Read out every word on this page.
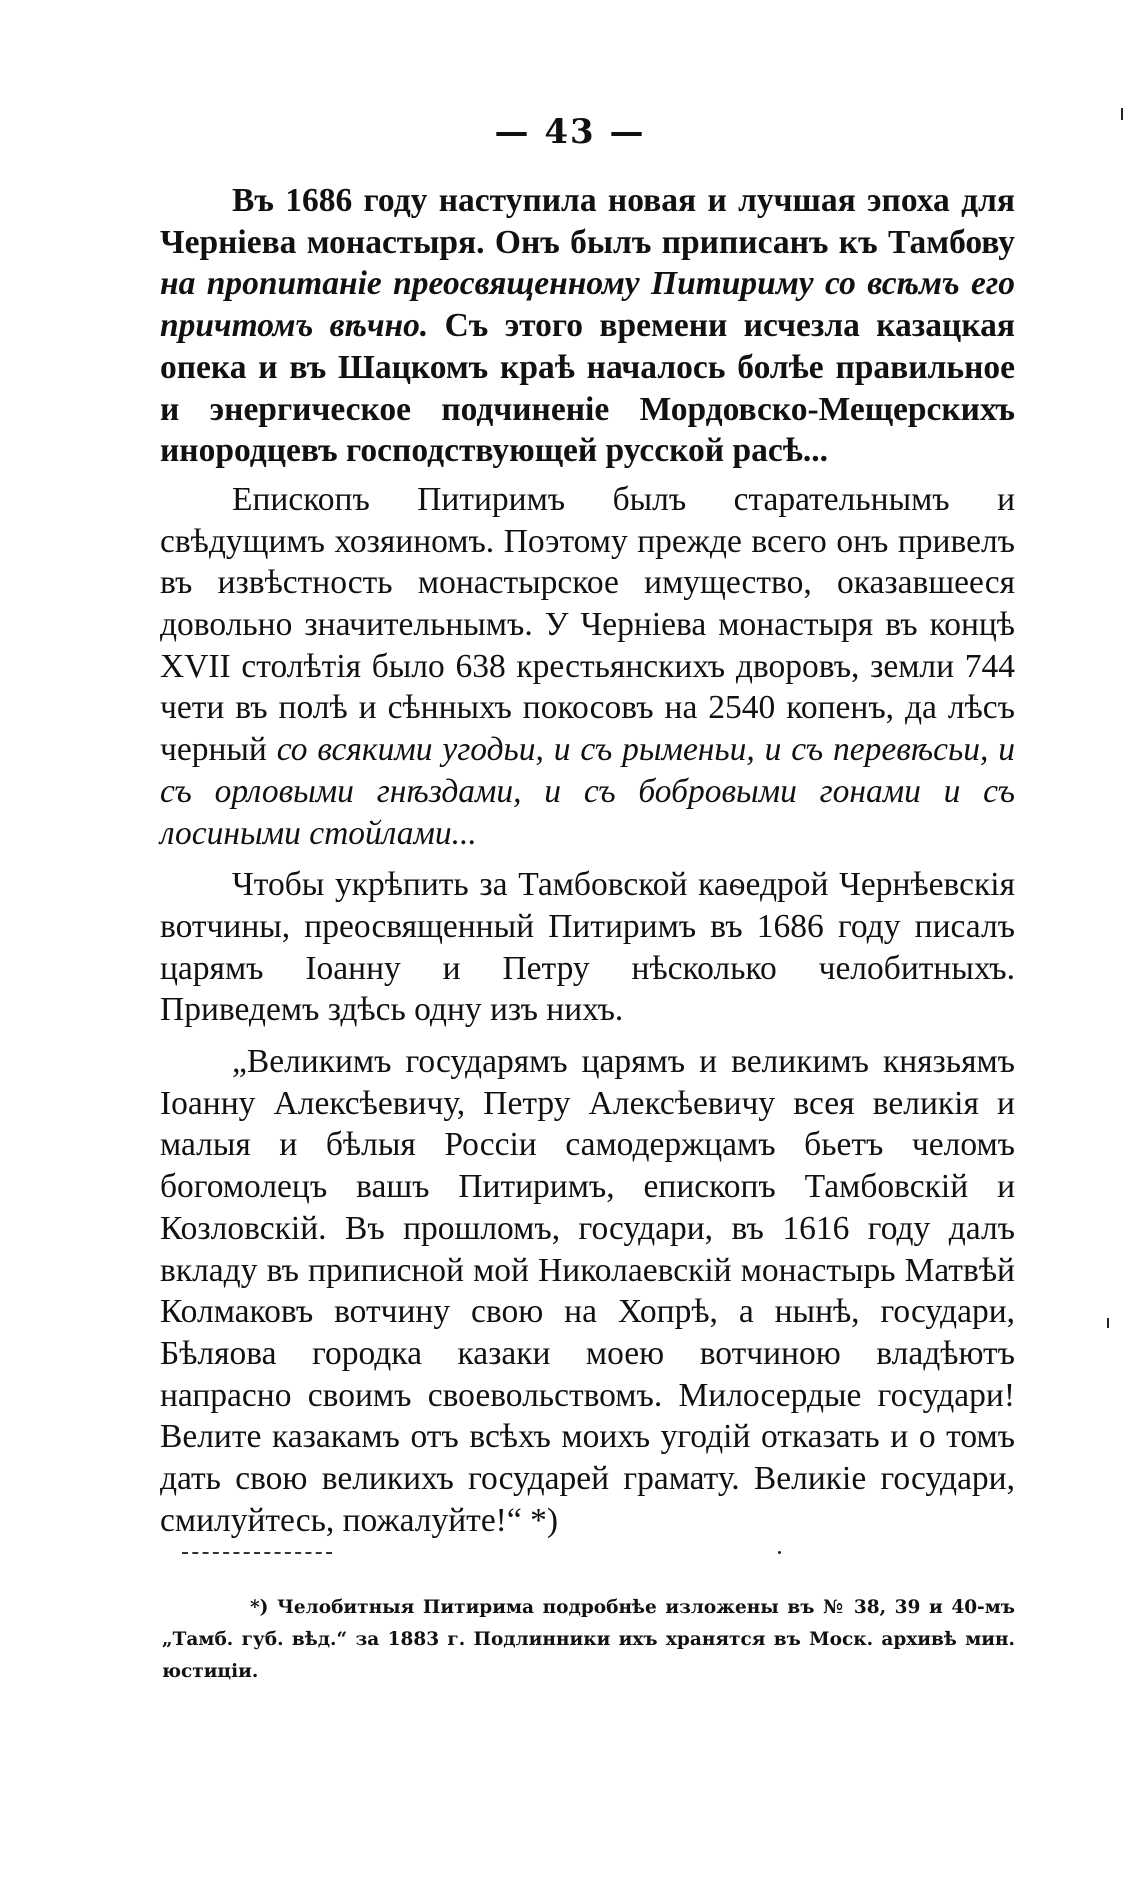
— 43 —

Въ 1686 году наступила новая и лучшая эпоха для Черніева монастыря. Онъ былъ приписанъ къ Тамбову на пропитаніе преосвященному Питириму со всѣмъ его причтомъ вѣчно. Съ этого времени исчезла казацкая опека и въ Шацкомъ краѣ началось болѣе правильное и энергическое подчиненіе Мордовско-Мещерскихъ инородцевъ господствующей русской расѣ...

Епископъ Питиримъ былъ старательнымъ и свѣдущимъ хозяиномъ. Поэтому прежде всего онъ привелъ въ извѣстность монастырское имущество, оказавшееся довольно значительнымъ. У Черніева монастыря въ концѣ XVII столѣтія было 638 крестьянскихъ дворовъ, земли 744 чети въ полѣ и сѣнныхъ покосовъ на 2540 копенъ, да лѣсъ черный со всякими угодьи, и съ рыменьи, и съ перевѣсьи, и съ орловыми гнѣздами, и съ бобровыми гонами и съ лосиными стойлами...

Чтобы укрѣпить за Тамбовской каѳедрой Чернѣевскія вотчины, преосвященный Питиримъ въ 1686 году писалъ царямъ Іоанну и Петру нѣсколько челобитныхъ. Приведемъ здѣсь одну изъ нихъ.

„Великимъ государямъ царямъ и великимъ князьямъ Іоанну Алексѣевичу, Петру Алексѣевичу всея великія и малыя и бѣлыя Россіи самодержцамъ бьетъ челомъ богомолецъ вашъ Питиримъ, епископъ Тамбовскій и Козловскій. Въ прошломъ, государи, въ 1616 году далъ вкладу въ приписной мой Николаевскій монастырь Матвѣй Колмаковъ вотчину свою на Хопрѣ, а нынѣ, государи, Бѣляова городка казаки моею вотчиною владѣютъ напрасно своимъ своевольствомъ. Милосердые государи! Велите казакамъ отъ всѣхъ моихъ угодій отказать и о томъ дать свою великихъ государей грамату. Великіе государи, смилуйтесь, пожалуйте!“ *)

*) Челобитныя Питирима подробнѣе изложены въ № 38, 39 и 40-мъ „Тамб. губ. вѣд.“ за 1883 г. Подлинники ихъ хранятся въ Моск. архивѣ мин. юстиціи.
